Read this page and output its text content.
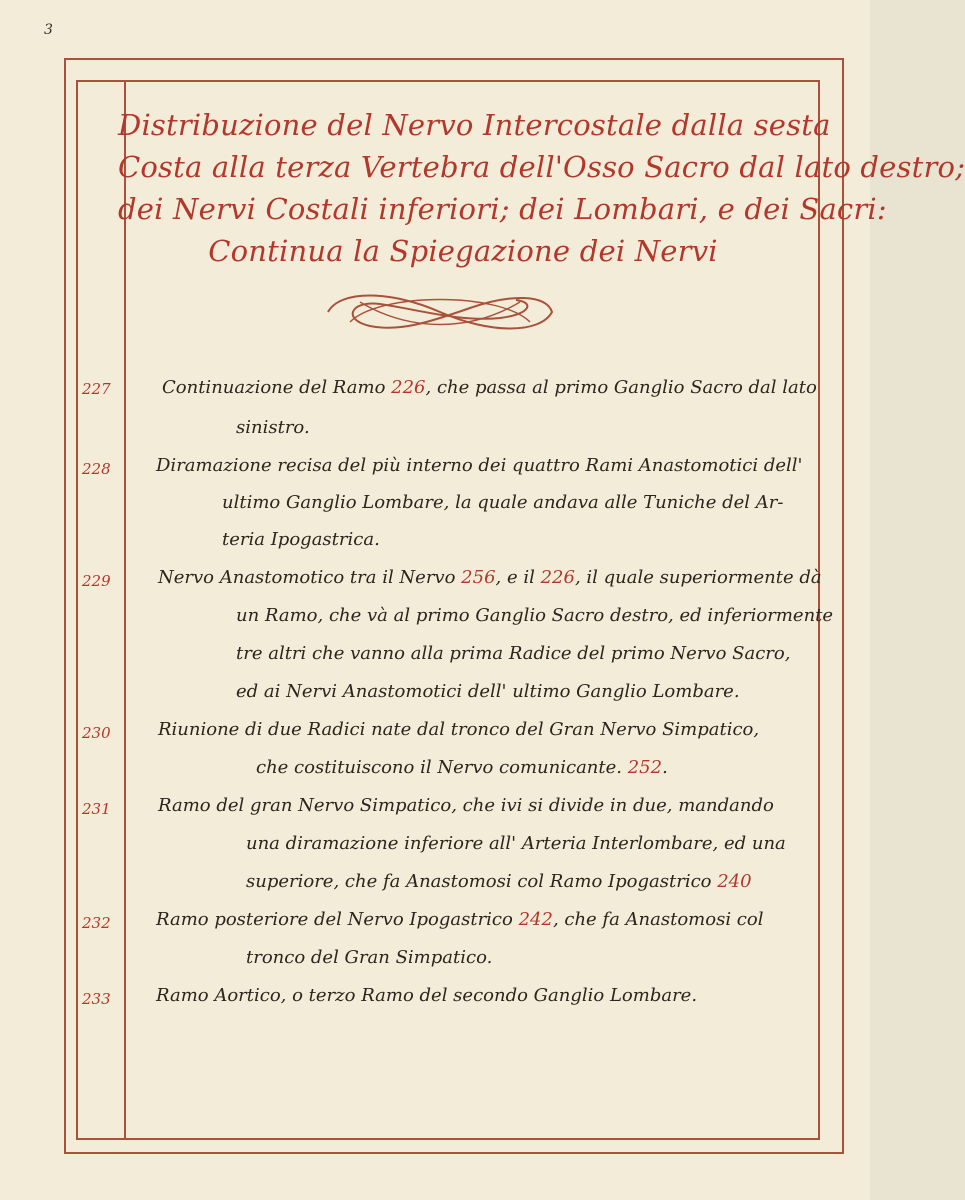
3
Distribuzione del Nervo Intercostale dalla sesta
Costa alla terza Vertebra dell'Osso Sacro dal lato destro;
dei Nervi Costali inferiori; dei Lombari, e dei Sacri:
Continua la Spiegazione dei Nervi
227	Continuazione del Ramo 226, che passa al primo Ganglio Sacro dal lato
sinistro.
228	Diramazione recisa del più interno dei quattro Rami Anastomotici dell'
ultimo Ganglio Lombare, la quale andava alle Tuniche del Ar-
teria Ipogastrica.
229	Nervo Anastomotico tra il Nervo 256, e il 226, il quale superiormente dà
un Ramo, che và al primo Ganglio Sacro destro, ed inferiormente
tre altri che vanno alla prima Radice del primo Nervo Sacro,
ed ai Nervi Anastomotici dell' ultimo Ganglio Lombare.
230	Riunione di due Radici nate dal tronco del Gran Nervo Simpatico,
che costituiscono il Nervo comunicante. 252.
231	Ramo del gran Nervo Simpatico, che ivi si divide in due, mandando
una diramazione inferiore all' Arteria Interlombare, ed una
superiore, che fa Anastomosi col Ramo Ipogastrico 240
232	Ramo posteriore del Nervo Ipogastrico 242, che fa Anastomosi col
tronco del Gran Simpatico.
233	Ramo Aortico, o terzo Ramo del secondo Ganglio Lombare.
